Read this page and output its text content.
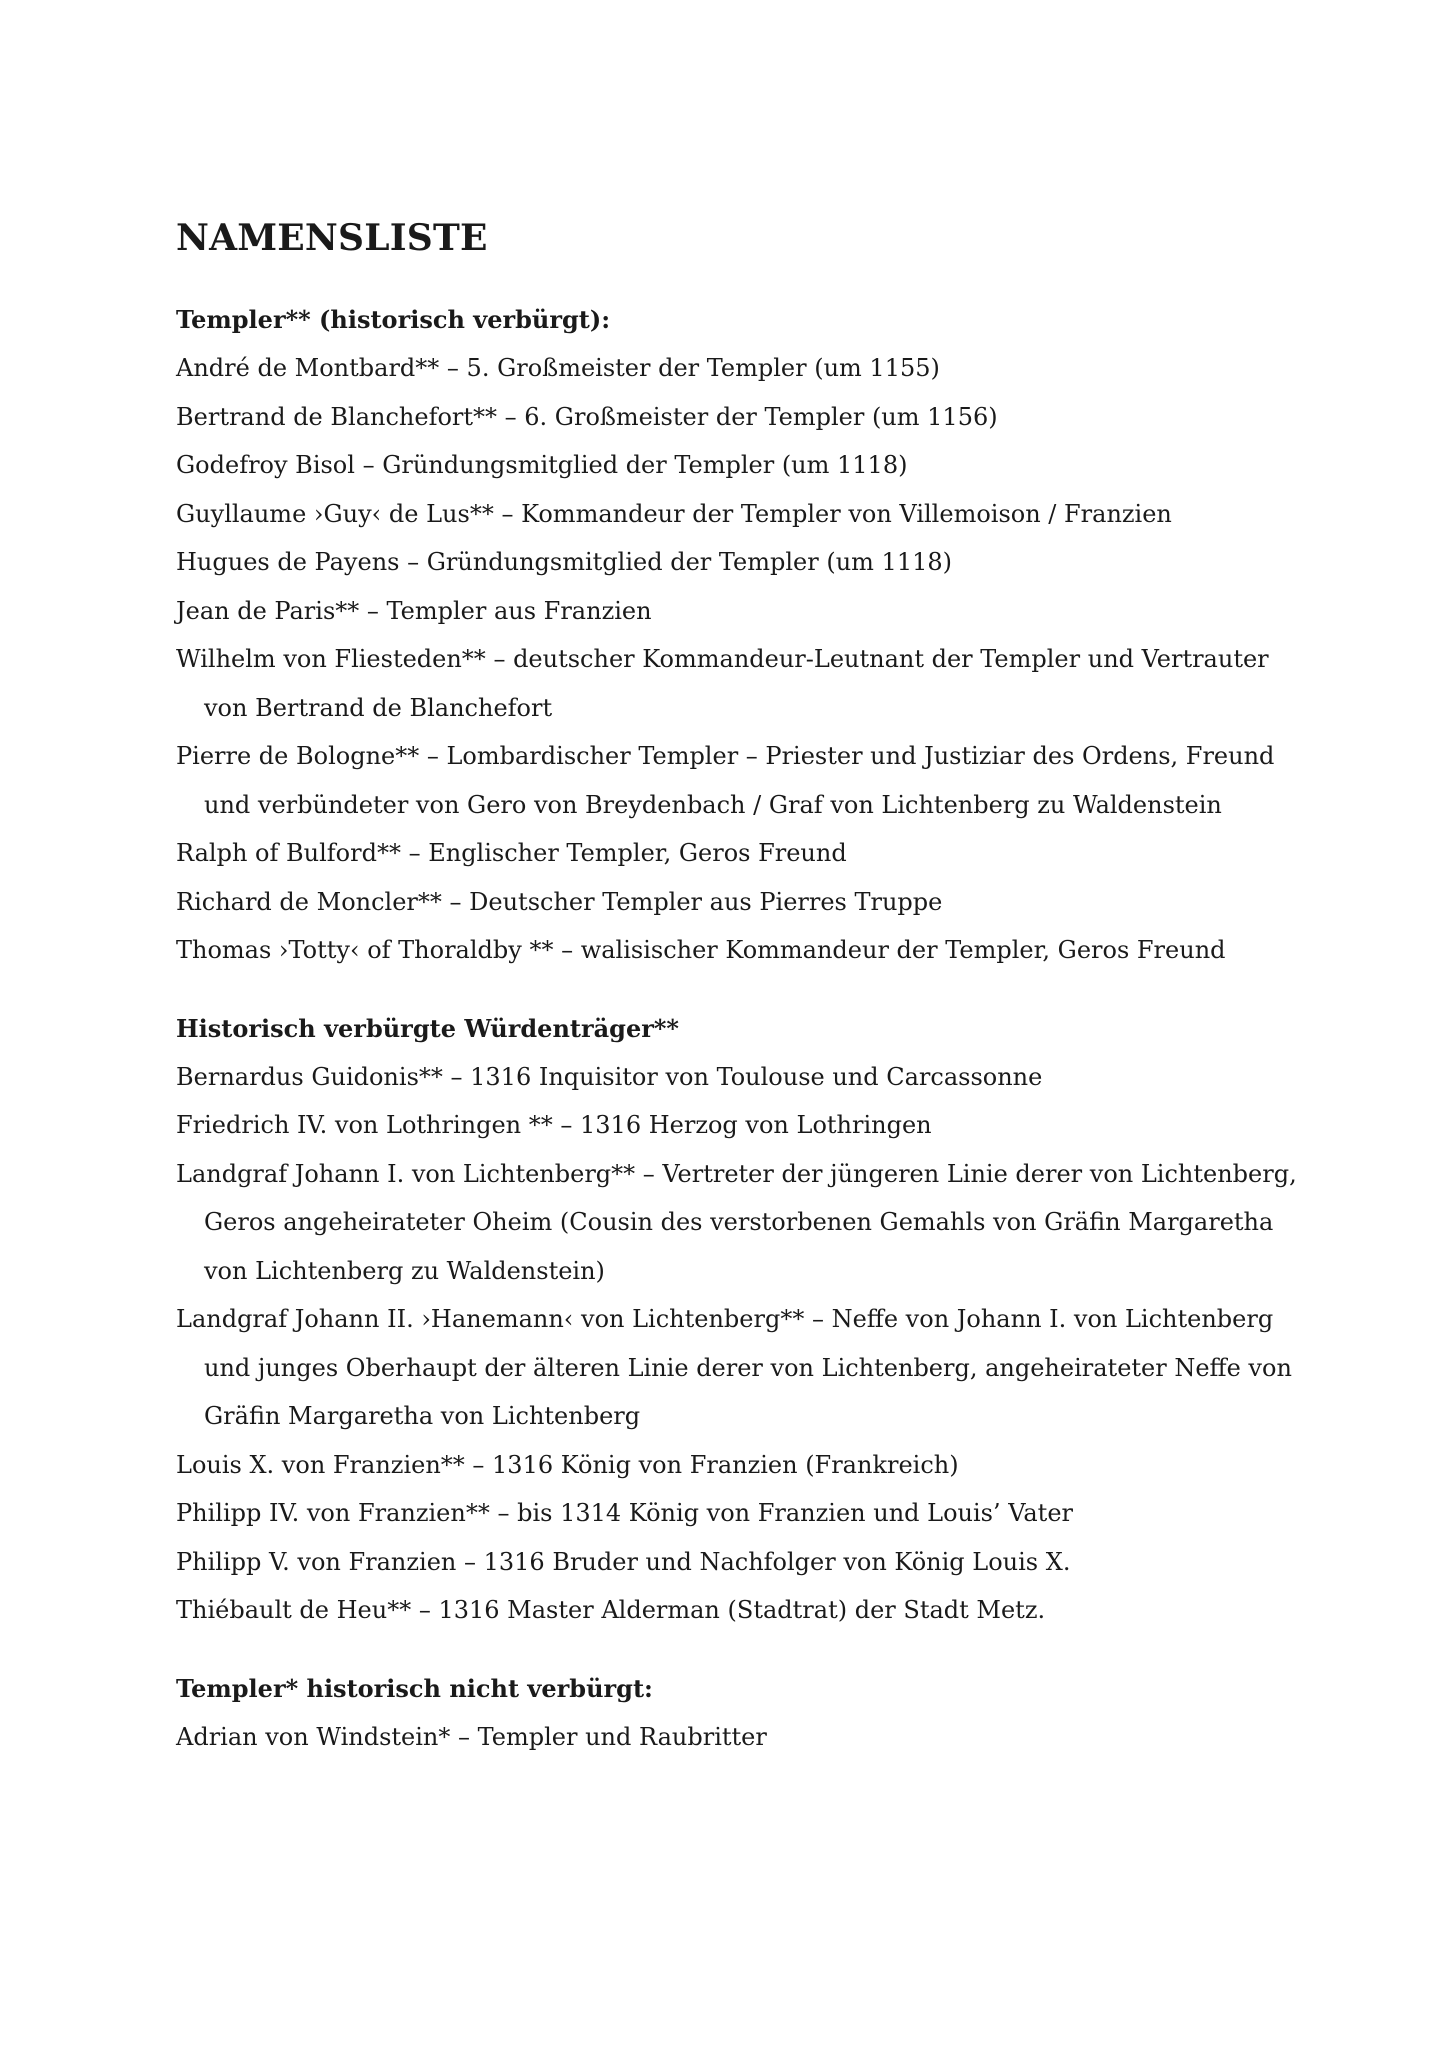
NAMENSLISTE

Templer** (historisch verbürgt):

André de Montbard** – 5. Großmeister der Templer (um 1155)

Bertrand de Blanchefort** – 6. Großmeister der Templer (um 1156)

Godefroy Bisol – Gründungsmitglied der Templer (um 1118)

Guyllaume ›Guy‹ de Lus** – Kommandeur der Templer von Villemoison / Franzien

Hugues de Payens – Gründungsmitglied der Templer (um 1118)

Jean de Paris** – Templer aus Franzien

Wilhelm von Fliesteden** – deutscher Kommandeur-Leutnant der Templer und Vertrauter von Bertrand de Blanchefort

Pierre de Bologne** – Lombardischer Templer – Priester und Justiziar des Ordens, Freund und verbündeter von Gero von Breydenbach / Graf von Lichtenberg zu Waldenstein

Ralph of Bulford** – Englischer Templer, Geros Freund

Richard de Moncler** – Deutscher Templer aus Pierres Truppe

Thomas ›Totty‹ of Thoraldby ** – walisischer Kommandeur der Templer, Geros Freund

Historisch verbürgte Würdenträger**

Bernardus Guidonis** – 1316 Inquisitor von Toulouse und Carcassonne

Friedrich IV. von Lothringen ** – 1316 Herzog von Lothringen

Landgraf Johann I. von Lichtenberg** – Vertreter der jüngeren Linie derer von Lichtenberg, Geros angeheirateter Oheim (Cousin des verstorbenen Gemahls von Gräfin Margaretha von Lichtenberg zu Waldenstein)

Landgraf Johann II. ›Hanemann‹ von Lichtenberg** – Neffe von Johann I. von Lichtenberg und junges Oberhaupt der älteren Linie derer von Lichtenberg, angeheirateter Neffe von Gräfin Margaretha von Lichtenberg

Louis X. von Franzien** – 1316 König von Franzien (Frankreich)

Philipp IV. von Franzien** – bis 1314 König von Franzien und Louis’ Vater

Philipp V. von Franzien – 1316 Bruder und Nachfolger von König Louis X.

Thiébault de Heu** – 1316 Master Alderman (Stadtrat) der Stadt Metz.

Templer* historisch nicht verbürgt:

Adrian von Windstein* – Templer und Raubritter
